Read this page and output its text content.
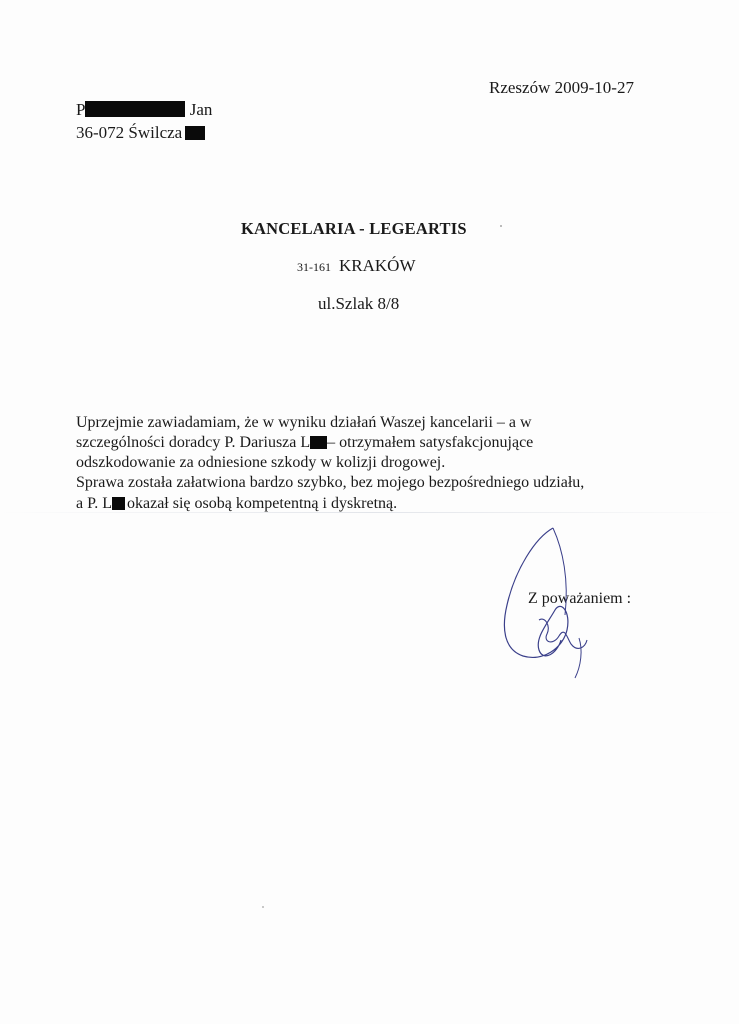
Rzeszów 2009-10-27
P	Jan
36-072 Świlcza
KANCELARIA - LEGEARTIS
31-161 KRAKÓW
ul.Szlak 8/8
Uprzejmie zawiadamiam, że w wyniku działań Waszej kancelarii – a w
szczególności doradcy P. Dariusza L – otrzymałem satysfakcjonujące
odszkodowanie za odniesione szkody w kolizji drogowej.
Sprawa została załatwiona bardzo szybko, bez mojego bezpośredniego udziału,
a P. L okazał się osobą kompetentną i dyskretną.
Z poważaniem :
